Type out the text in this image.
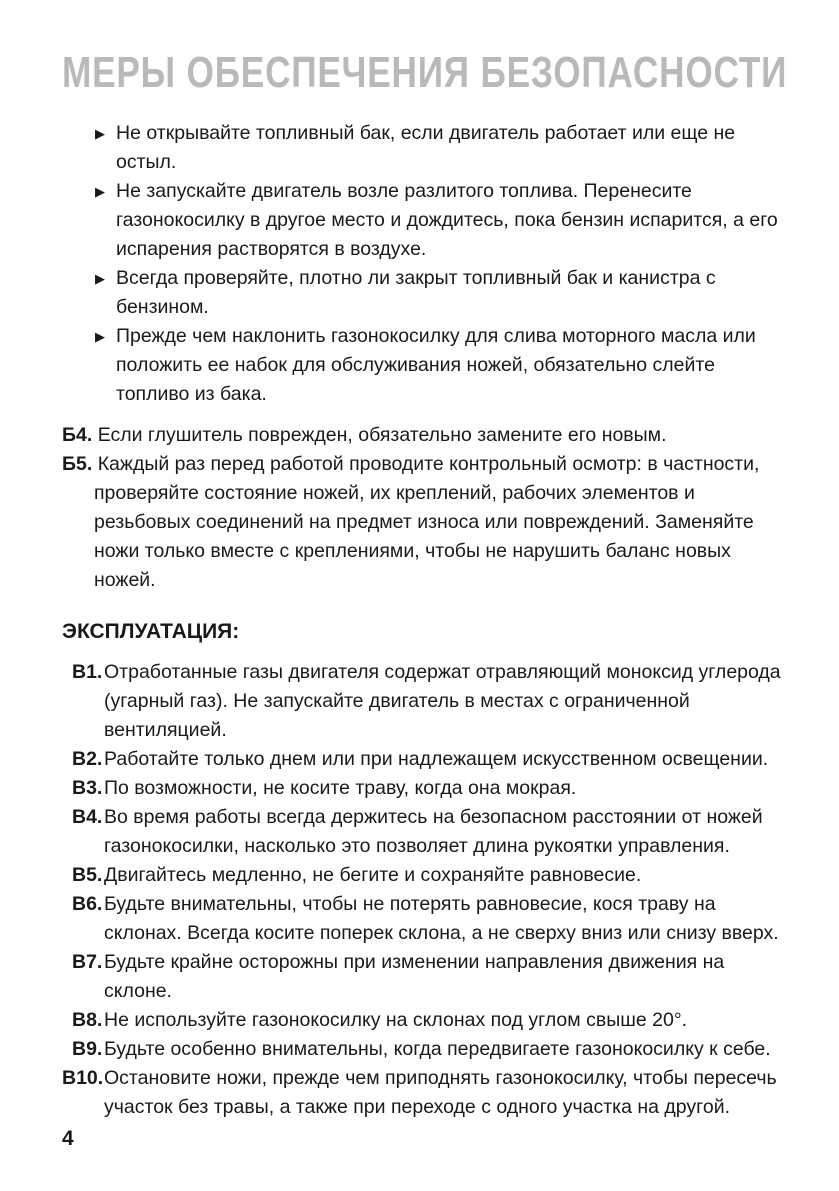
МЕРЫ ОБЕСПЕЧЕНИЯ БЕЗОПАСНОСТИ
▶ Не открывайте топливный бак, если двигатель работает или еще не остыл.
▶ Не запускайте двигатель возле разлитого топлива. Перенесите газонокосилку в другое место и дождитесь, пока бензин испарится, а его испарения растворятся в воздухе.
▶ Всегда проверяйте, плотно ли закрыт топливный бак и канистра с бензином.
▶ Прежде чем наклонить газонокосилку для слива моторного масла или положить ее набок для обслуживания ножей, обязательно слейте топливо из бака.

Б4. Если глушитель поврежден, обязательно замените его новым.

Б5. Каждый раз перед работой проводите контрольный осмотр: в частности, проверяйте состояние ножей, их креплений, рабочих элементов и резьбовых соединений на предмет износа или повреждений. Заменяйте ножи только вместе с креплениями, чтобы не нарушить баланс новых ножей.

ЭКСПЛУАТАЦИЯ:

В1.Отработанные газы двигателя содержат отравляющий моноксид углерода (угарный газ). Не запускайте двигатель в местах с ограниченной вентиляцией.

В2.Работайте только днем или при надлежащем искусственном освещении.

В3.По возможности, не косите траву, когда она мокрая.

В4.Во время работы всегда держитесь на безопасном расстоянии от ножей газонокосилки, насколько это позволяет длина рукоятки управления.

В5.Двигайтесь медленно, не бегите и сохраняйте равновесие.

В6.Будьте внимательны, чтобы не потерять равновесие, кося траву на склонах. Всегда косите поперек склона, а не сверху вниз или снизу вверх.

В7.Будьте крайне осторожны при изменении направления движения на склоне.

В8.Не используйте газонокосилку на склонах под углом свыше 20°.

В9.Будьте особенно внимательны, когда передвигаете газонокосилку к себе.

В10.Остановите ножи, прежде чем приподнять газонокосилку, чтобы пересечь участок без травы, а также при переходе с одного участка на другой.

4
